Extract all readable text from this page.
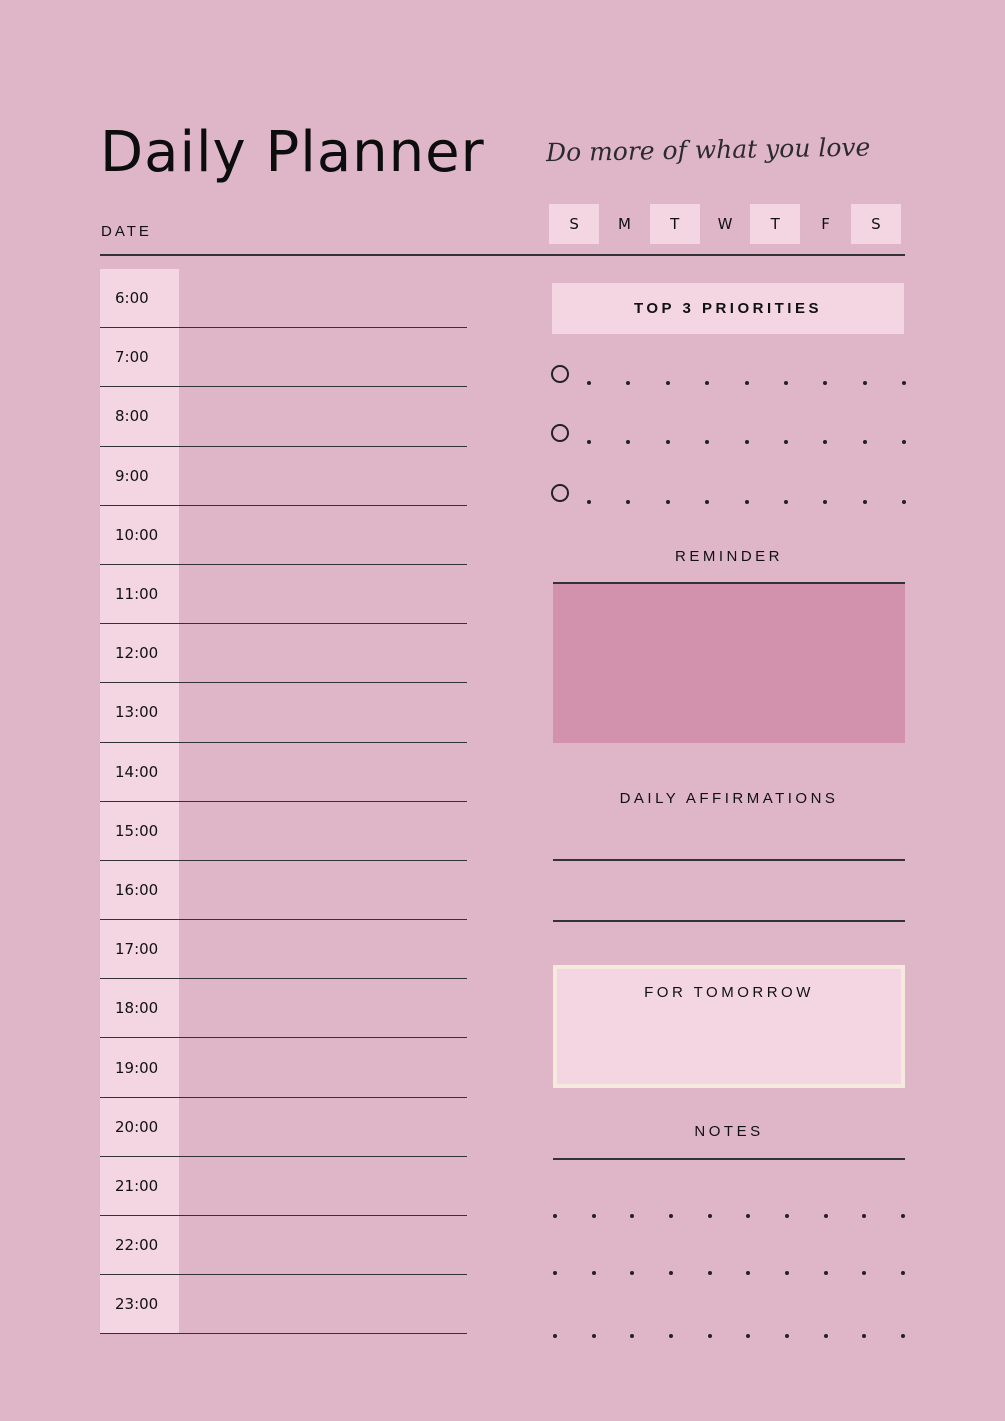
Daily Planner Do more of what you love
DATE	S	M	T	W	T	F	S
6:00
7:00
8:00
9:00
10:00
11:00
12:00
13:00
14:00
15:00
16:00
17:00
18:00
19:00
20:00
21:00
22:00
23:00
TOP 3 PRIORITIES
REMINDER
DAILY AFFIRMATIONS
FOR TOMORROW
NOTES
